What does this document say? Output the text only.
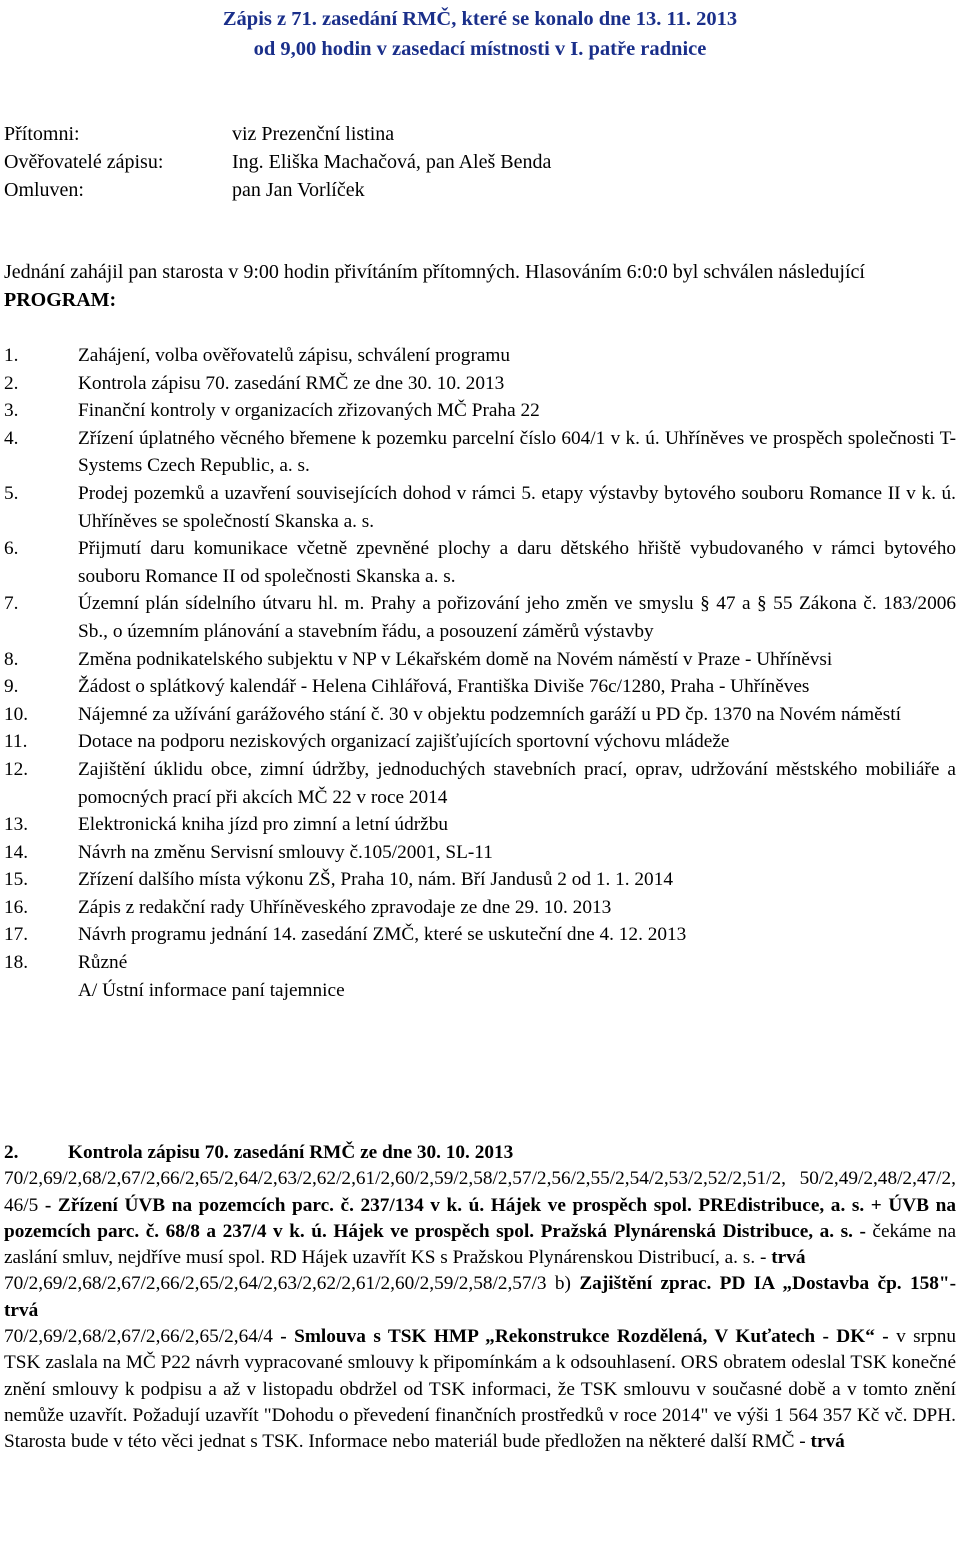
Zápis z 71. zasedání RMČ, které se konalo dne 13. 11. 2013
od 9,00 hodin v zasedací místnosti v I. patře radnice
Přítomni:	viz Prezenční listina
Ověřovatelé zápisu:	Ing. Eliška Machačová, pan Aleš Benda
Omluven:	pan Jan Vorlíček
Jednání zahájil pan starosta v 9:00 hodin přivítáním přítomných. Hlasováním 6:0:0 byl schválen následující PROGRAM:
1.	Zahájení, volba ověřovatelů zápisu, schválení programu
2.	Kontrola zápisu 70. zasedání RMČ ze dne 30. 10. 2013
3.	Finanční kontroly v organizacích zřizovaných MČ Praha 22
4.	Zřízení úplatného věcného břemene k pozemku parcelní číslo 604/1 v k. ú. Uhříněves ve prospěch společnosti T-Systems Czech Republic, a. s.
5.	Prodej pozemků a uzavření souvisejících dohod v rámci 5. etapy výstavby bytového souboru Romance II v k. ú. Uhříněves se společností Skanska a. s.
6.	Přijmutí daru komunikace včetně zpevněné plochy a daru dětského hřiště vybudovaného v rámci bytového souboru Romance II od společnosti Skanska a. s.
7.	Územní plán sídelního útvaru hl. m. Prahy a pořizování jeho změn ve smyslu § 47 a § 55 Zákona č. 183/2006 Sb., o územním plánování a stavebním řádu, a posouzení záměrů výstavby
8.	Změna podnikatelského subjektu v NP v Lékařském domě na Novém náměstí v Praze - Uhříněvsi
9.	Žádost o splátkový kalendář - Helena Cihlářová, Františka Diviše 76c/1280, Praha - Uhříněves
10.	Nájemné za užívání garážového stání č. 30 v objektu podzemních garáží u PD čp. 1370 na Novém náměstí
11.	Dotace na podporu neziskových organizací zajišťujících sportovní výchovu mládeže
12.	Zajištění úklidu obce, zimní údržby, jednoduchých stavebních prací, oprav, udržování městského mobiliáře a pomocných prací při akcích MČ 22 v roce 2014
13.	Elektronická kniha jízd pro zimní a letní údržbu
14.	Návrh na změnu Servisní smlouvy č.105/2001, SL-11
15.	Zřízení dalšího místa výkonu ZŠ, Praha 10, nám. Bří Jandusů 2 od 1. 1. 2014
16.	Zápis z redakční rady Uhříněveského zpravodaje ze dne 29. 10. 2013
17.	Návrh programu jednání 14. zasedání ZMČ, které se uskuteční dne 4. 12. 2013
18.	Různé
A/ Ústní informace paní tajemnice
2.	Kontrola zápisu 70. zasedání RMČ ze dne 30. 10. 2013
70/2,69/2,68/2,67/2,66/2,65/2,64/2,63/2,62/2,61/2,60/2,59/2,58/2,57/2,56/2,55/2,54/2,53/2,52/2,51/2, 50/2,49/2,48/2,47/2, 46/5 - Zřízení ÚVB na pozemcích parc. č. 237/134 v k. ú. Hájek ve prospěch spol. PREdistribuce, a. s. + ÚVB na pozemcích parc. č. 68/8 a 237/4 v k. ú. Hájek ve prospěch spol. Pražská Plynárenská Distribuce, a. s. - čekáme na zaslání smluv, nejdříve musí spol. RD Hájek uzavřít KS s Pražskou Plynárenskou Distribucí, a. s. - trvá
70/2,69/2,68/2,67/2,66/2,65/2,64/2,63/2,62/2,61/2,60/2,59/2,58/2,57/3 b) Zajištění zprac. PD IA „Dostavba čp. 158"- trvá
70/2,69/2,68/2,67/2,66/2,65/2,64/4 - Smlouva s TSK HMP „Rekonstrukce Rozdělená, V Kuťatech - DK“ - v srpnu TSK zaslala na MČ P22 návrh vypracované smlouvy k připomínkám a k odsouhlasení. ORS obratem odeslal TSK konečné znění smlouvy k podpisu a až v listopadu obdržel od TSK informaci, že TSK smlouvu v současné době a v tomto znění nemůže uzavřít. Požadují uzavřít "Dohodu o převedení finančních prostředků v roce 2014" ve výši 1 564 357 Kč vč. DPH. Starosta bude v této věci jednat s TSK. Informace nebo materiál bude předložen na některé další RMČ - trvá
